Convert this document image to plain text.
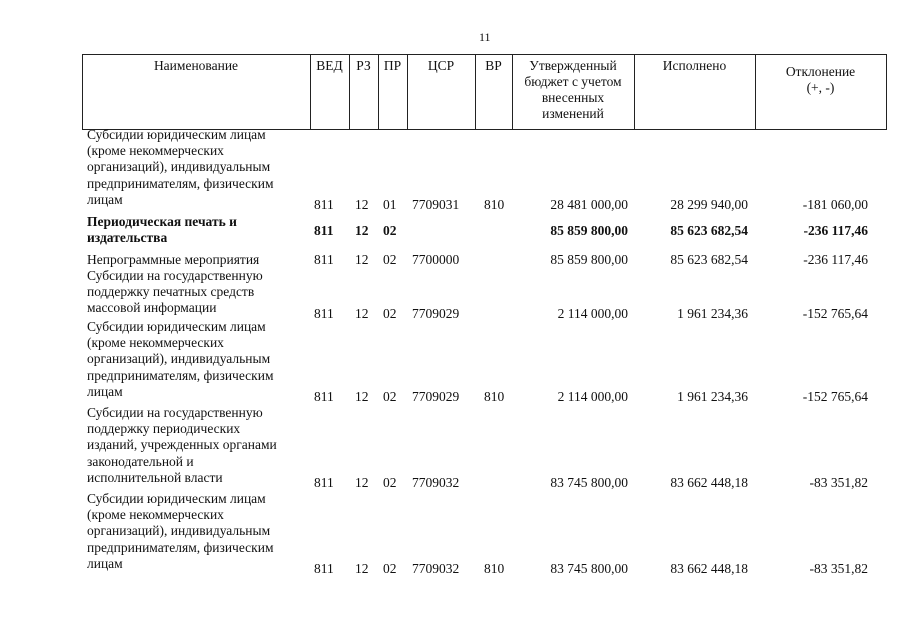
11
Наименование	ВЕД	РЗ ПР	ЦСР	ВР	Утвержденный
бюджет с учетом
внесенных
изменений
Исполнено	Отклонение
(+, -)
Субсидии юридическим лицам
(кроме некоммерческих
организаций), индивидуальным
предпринимателям, физическим
лицам	811 12 01 7709031 810	28 481 000,00	28 299 940,00	-181 060,00
Периодическая печать и
издательства	811 12 02	85 859 800,00	85 623 682,54	-236 117,46
Непрограммные мероприятия	811 12 02 7700000	85 859 800,00	85 623 682,54	-236 117,46
Субсидии на государственную
поддержку печатных средств
массовой информации	811 12 02 7709029	2 114 000,00	1 961 234,36	-152 765,64
Субсидии юридическим лицам
(кроме некоммерческих
организаций), индивидуальным
предпринимателям, физическим
лицам	811 12 02 7709029 810	2 114 000,00	1 961 234,36	-152 765,64
Субсидии на государственную
поддержку периодических
изданий, учрежденных органами
законодательной и
исполнительной власти	811 12 02 7709032	83 745 800,00	83 662 448,18	-83 351,82
Субсидии юридическим лицам
(кроме некоммерческих
организаций), индивидуальным
предпринимателям, физическим
лицам	811 12 02 7709032 810	83 745 800,00	83 662 448,18	-83 351,82
